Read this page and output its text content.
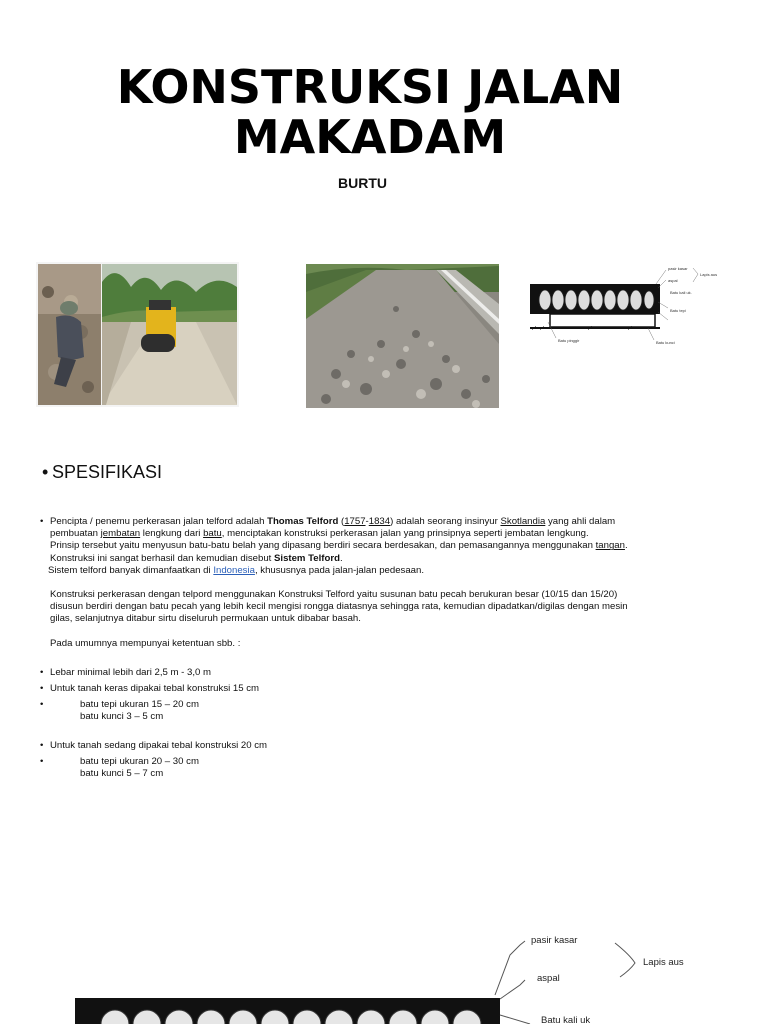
KONSTRUKSI JALAN MAKADAM
BURTU
pasir kasar
Lapis aus
aspal
Batu kali uk.
Batu tepi
Batu pinggir	Batu kunci
• SPESIFIKASI
• Pencipta / penemu perkerasan jalan telford adalah Thomas Telford (1757-1834) adalah seorang insinyur Skotlandia yang ahli dalam
pembuatan jembatan lengkung dari batu, menciptakan konstruksi perkerasan jalan yang prinsipnya seperti jembatan lengkung.
Prinsip tersebut yaitu menyusun batu-batu belah yang dipasang berdiri secara berdesakan, dan pemasangannya menggunakan tangan.
Konstruksi ini sangat berhasil dan kemudian disebut Sistem Telford.
Sistem telford banyak dimanfaatkan di Indonesia, khususnya pada jalan-jalan pedesaan.
Konstruksi perkerasan dengan telpord menggunakan Konstruksi Telford yaitu susunan batu pecah berukuran besar (10/15 dan 15/20)
disusun berdiri dengan batu pecah yang lebih kecil mengisi rongga diatasnya sehingga rata, kemudian dipadatkan/digilas dengan mesin
gilas, selanjutnya ditabur sirtu diseluruh permukaan untuk dibabar basah.
Pada umumnya mempunyai ketentuan sbb. :
• Lebar minimal lebih dari 2,5 m - 3,0 m
• Untuk tanah keras dipakai tebal konstruksi 15 cm
• batu tepi ukuran 15 – 20 cm
batu kunci 3 – 5 cm
• Untuk tanah sedang dipakai tebal konstruksi 20 cm
• batu tepi ukuran 20 – 30 cm
batu kunci 5 – 7 cm
pasir kasar
aspal
Lapis aus
Batu kali uk
